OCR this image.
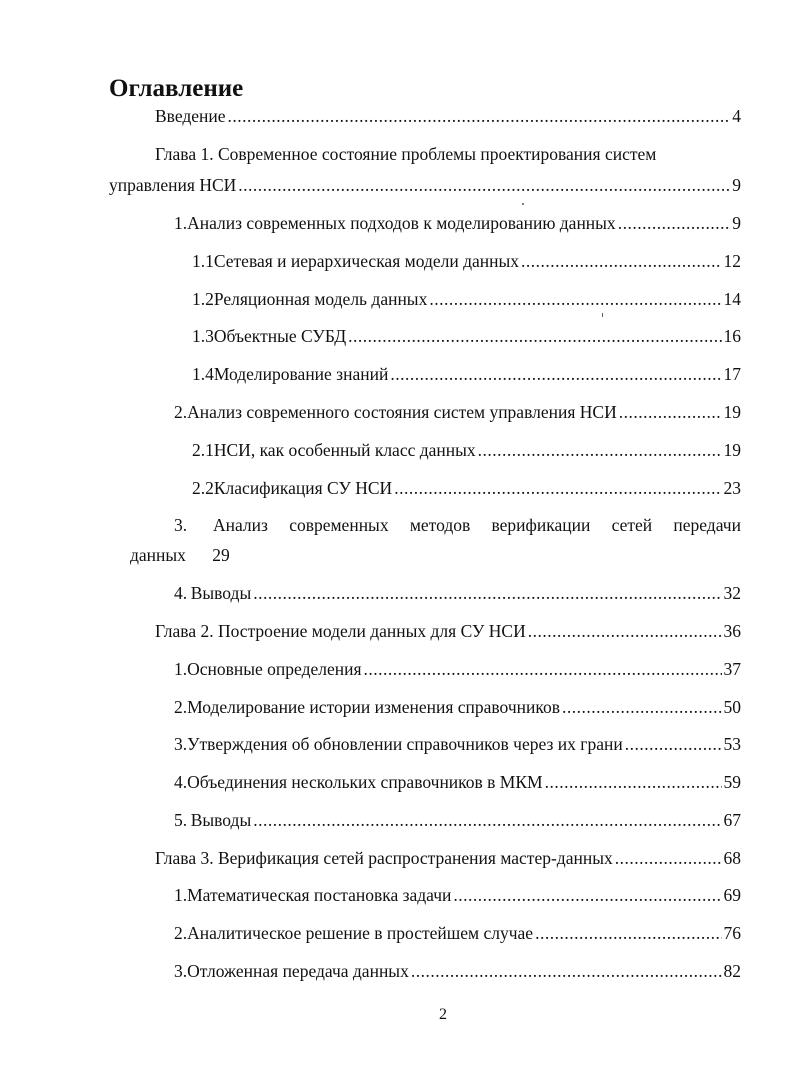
Оглавление
Введение .....	4
Глава 1. Современное состояние проблемы проектирования систем
управления НСИ .....	9
1. Анализ современных подходов к моделированию данных .....	9
1.1 Сетевая и иерархическая модели данных .....	12
1.2 Реляционная модель данных .....	14
1.3 Объектные СУБД .....	16
1.4 Моделирование знаний .....	17
2. Анализ современного состояния систем управления НСИ .....	19
2.1 НСИ, как особенный класс данных .....	19
2.2 Класификация СУ НСИ .....	23
3.	Анализ современных методов верификации сетей передачи
данных 29
4. Выводы .....	32
Глава 2. Построение модели данных для СУ НСИ .....	36
1. Основные определения .....	37
2. Моделирование истории изменения справочников .....	50
3. Утверждения об обновлении справочников через их грани .....	53
4. Объединения нескольких справочников в МКМ .....	59
5. Выводы .....	67
Глава 3. Верификация сетей распространения мастер-данных .....	68
1. Математическая постановка задачи .....	69
2. Аналитическое решение в простейшем случае .....	76
3. Отложенная передача данных .....	82
2
